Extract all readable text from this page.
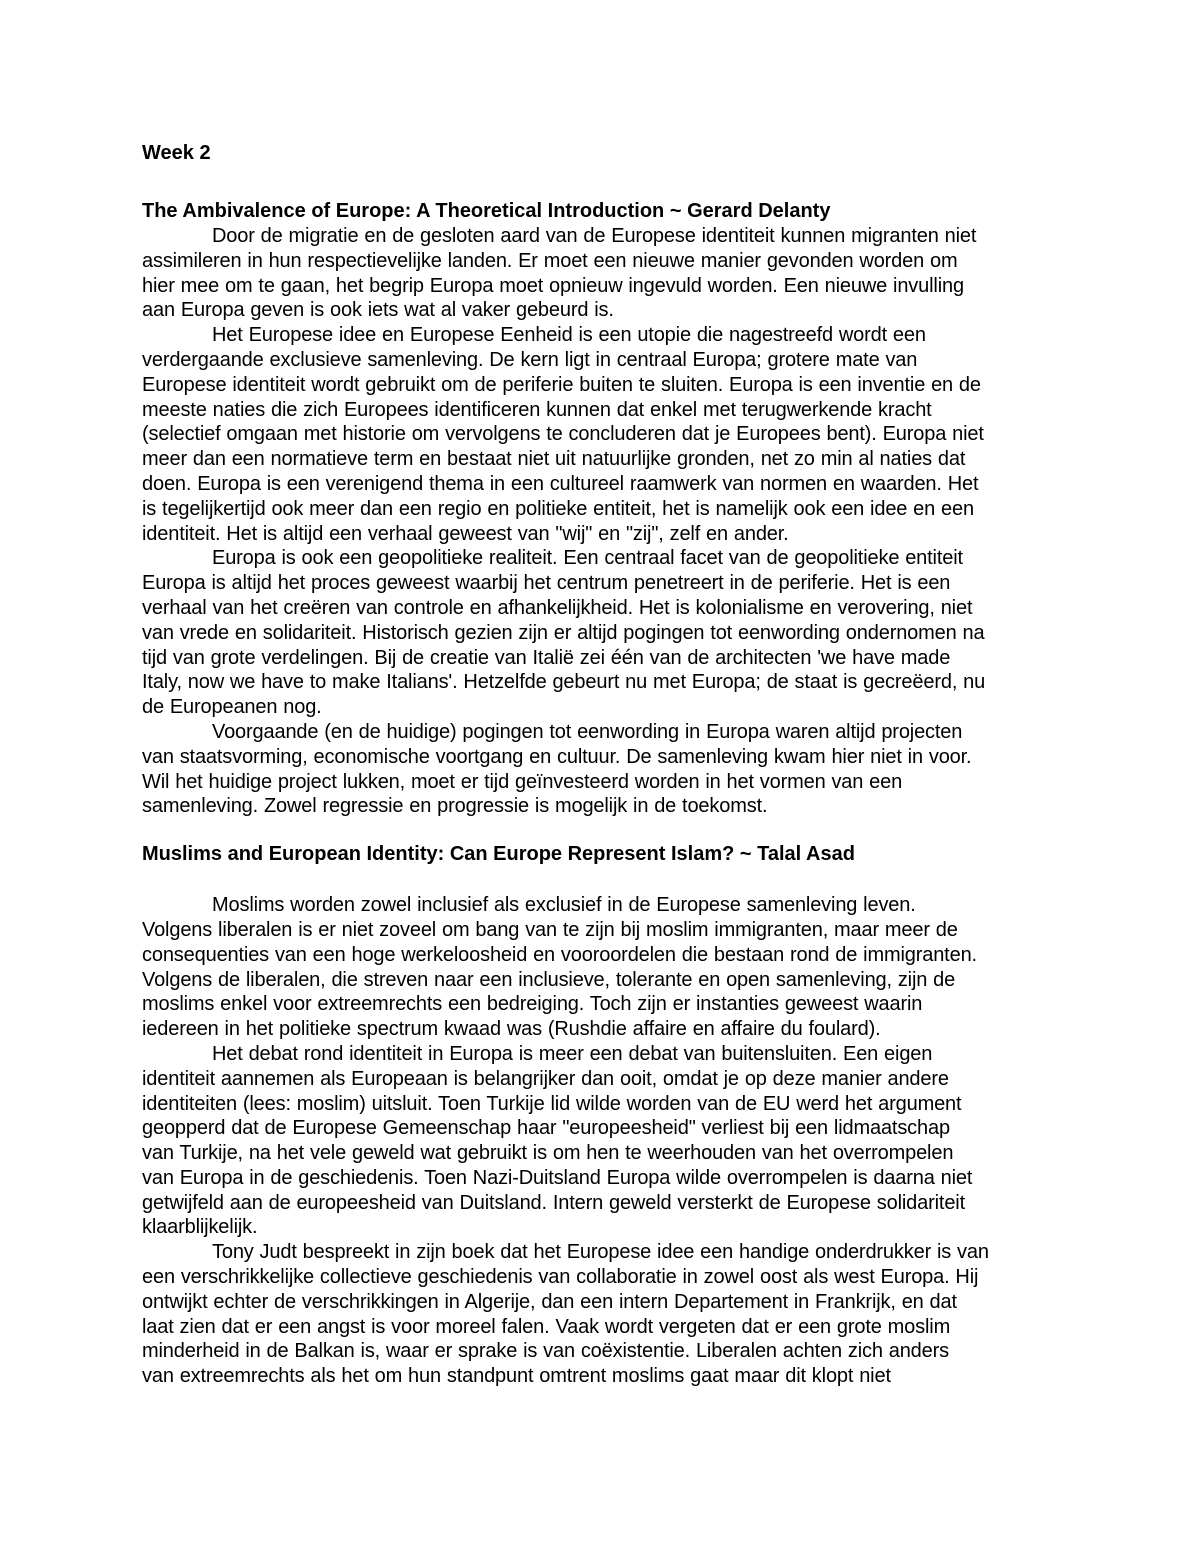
Week 2
The Ambivalence of Europe: A Theoretical Introduction ~ Gerard Delanty

Door de migratie en de gesloten aard van de Europese identiteit kunnen migranten niet
assimileren in hun respectievelijke landen. Er moet een nieuwe manier gevonden worden om
hier mee om te gaan, het begrip Europa moet opnieuw ingevuld worden. Een nieuwe invulling
aan Europa geven is ook iets wat al vaker gebeurd is.

Het Europese idee en Europese Eenheid is een utopie die nagestreefd wordt een
verdergaande exclusieve samenleving. De kern ligt in centraal Europa; grotere mate van
Europese identiteit wordt gebruikt om de periferie buiten te sluiten. Europa is een inventie en de
meeste naties die zich Europees identificeren kunnen dat enkel met terugwerkende kracht
(selectief omgaan met historie om vervolgens te concluderen dat je Europees bent). Europa niet
meer dan een normatieve term en bestaat niet uit natuurlijke gronden, net zo min al naties dat
doen. Europa is een verenigend thema in een cultureel raamwerk van normen en waarden. Het
is tegelijkertijd ook meer dan een regio en politieke entiteit, het is namelijk ook een idee en een
identiteit. Het is altijd een verhaal geweest van "wij" en "zij", zelf en ander.

Europa is ook een geopolitieke realiteit. Een centraal facet van de geopolitieke entiteit
Europa is altijd het proces geweest waarbij het centrum penetreert in de periferie. Het is een
verhaal van het creëren van controle en afhankelijkheid. Het is kolonialisme en verovering, niet
van vrede en solidariteit. Historisch gezien zijn er altijd pogingen tot eenwording ondernomen na
tijd van grote verdelingen. Bij de creatie van Italië zei één van de architecten 'we have made
Italy, now we have to make Italians'. Hetzelfde gebeurt nu met Europa; de staat is gecreëerd, nu
de Europeanen nog.

Voorgaande (en de huidige) pogingen tot eenwording in Europa waren altijd projecten
van staatsvorming, economische voortgang en cultuur. De samenleving kwam hier niet in voor.
Wil het huidige project lukken, moet er tijd geïnvesteerd worden in het vormen van een
samenleving. Zowel regressie en progressie is mogelijk in de toekomst.

Muslims and European Identity: Can Europe Represent Islam? ~ Talal Asad

Moslims worden zowel inclusief als exclusief in de Europese samenleving leven.
Volgens liberalen is er niet zoveel om bang van te zijn bij moslim immigranten, maar meer de
consequenties van een hoge werkeloosheid en vooroordelen die bestaan rond de immigranten.
Volgens de liberalen, die streven naar een inclusieve, tolerante en open samenleving, zijn de
moslims enkel voor extreemrechts een bedreiging. Toch zijn er instanties geweest waarin
iedereen in het politieke spectrum kwaad was (Rushdie affaire en affaire du foulard).

Het debat rond identiteit in Europa is meer een debat van buitensluiten. Een eigen
identiteit aannemen als Europeaan is belangrijker dan ooit, omdat je op deze manier andere
identiteiten (lees: moslim) uitsluit. Toen Turkije lid wilde worden van de EU werd het argument
geopperd dat de Europese Gemeenschap haar "europeesheid" verliest bij een lidmaatschap
van Turkije, na het vele geweld wat gebruikt is om hen te weerhouden van het overrompelen
van Europa in de geschiedenis. Toen Nazi-Duitsland Europa wilde overrompelen is daarna niet
getwijfeld aan de europeesheid van Duitsland. Intern geweld versterkt de Europese solidariteit
klaarblijkelijk.

Tony Judt bespreekt in zijn boek dat het Europese idee een handige onderdrukker is van
een verschrikkelijke collectieve geschiedenis van collaboratie in zowel oost als west Europa. Hij
ontwijkt echter de verschrikkingen in Algerije, dan een intern Departement in Frankrijk, en dat
laat zien dat er een angst is voor moreel falen. Vaak wordt vergeten dat er een grote moslim
minderheid in de Balkan is, waar er sprake is van coëxistentie. Liberalen achten zich anders
van extreemrechts als het om hun standpunt omtrent moslims gaat maar dit klopt niet
